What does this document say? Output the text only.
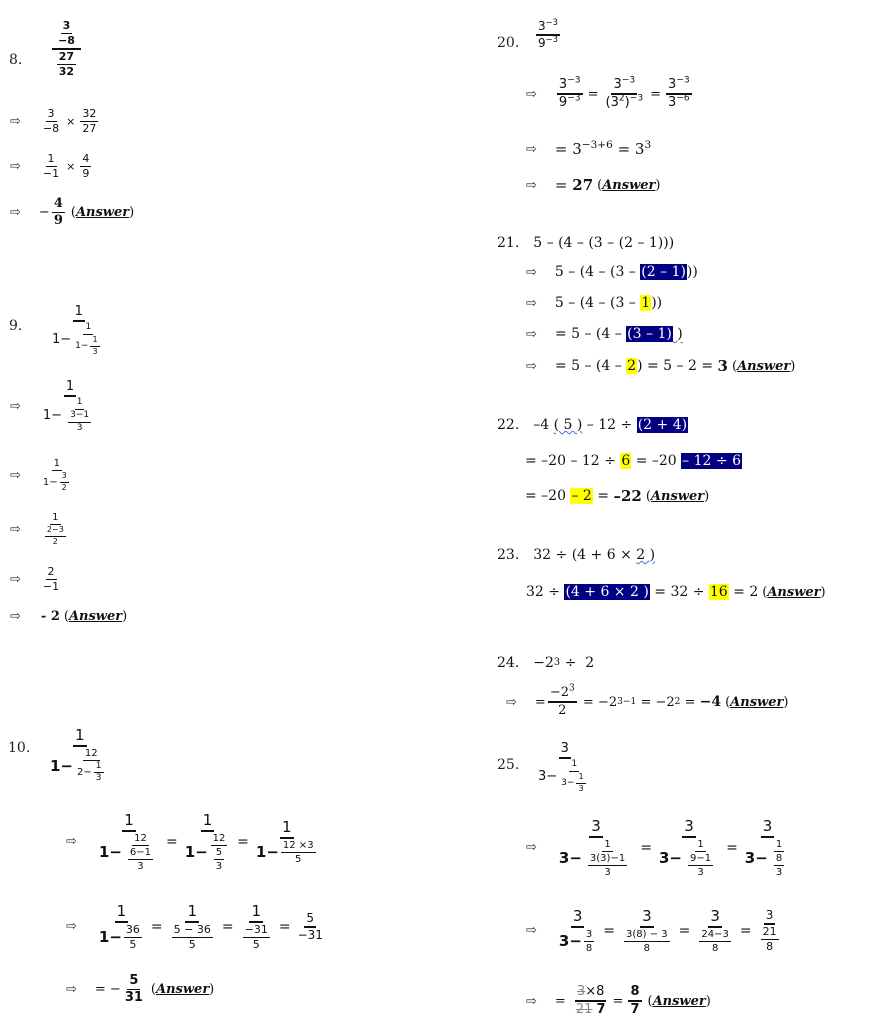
8.	$\frac{\frac{3}{-8}}{\frac{27}{32}}$
⇨ $\frac{3}{-8} \times \frac{32}{27}$
⇨ $\frac{1}{-1} \times \frac{4}{9}$
⇨ − $\frac{4}{9}$ (Answer)
9. $\frac{1}{1- \frac{1}{1- \frac{1}{3}}}$
⇨ $\frac{1}{1- \frac{1}{\frac{3-1}{3}}}$
⇨ $\frac{1}{1- \frac{3}{2}}$
⇨ $\frac{1}{\frac{2-3}{2}}$
⇨ $\frac{2}{-1}$
⇨ - 2 (Answer)
10. $\frac{1}{1- \frac{12}{2- \frac{1}{3}}}$
⇨ $\frac{1}{1- \frac{12}{\frac{6-1}{3}}} = \frac{1}{1- \frac{12}{\frac{5}{3}}} = \frac{1}{1- \frac{12 \times 3}{5}}$
⇨ $\frac{1}{1- \frac{36}{5}} = \frac{1}{\frac{5 - 36}{5}} = \frac{1}{\frac{-31}{5}} = \frac{5}{-31}$
⇨ = − $\frac{5}{31}$ (Answer)
20. $\frac{3^{-3}}{9^{-3}}$
⇨ $\frac{3^{-3}}{9^{-3}} = \frac{3^{-3}}{(3^2)^{-3}} = \frac{3^{-3}}{3^{-6}}$
⇨ = $3^{-3+6} = 3^3$
⇨ = 27 (Answer)
21. 5 – (4 – (3 – (2 – 1)))
⇨ 5 – (4 – (3 – (2 – 1) ))
⇨ 5 – (4 – (3 – 1 ))
⇨ = 5 – (4 – (3 – 1) )
⇨ = 5 – (4 – 2 ) = 5 – 2 = 3 (Answer)
22. –4 ( 5 ) – 12 ÷ (2 + 4)
= –20 – 12 ÷ 6 = –20 – 12 ÷ 6
= –20 – 2 = –22 (Answer)
23. 32 ÷ (4 + 6 × 2 )
32 ÷ (4 + 6 × 2 ) = 32 ÷ 16 = 2 (Answer)
24. −2 3 ÷  2
⇨ = $\frac{-2^3}{2} = -2$ 3−1 = −2 2 = −4 (Answer)
25. $\frac{3}{3- \frac{1}{3- \frac{1}{3}}}$
⇨ $\frac{3}{3- \frac{1}{\frac{3(3)-1}{3}}} = \frac{3}{3- \frac{1}{\frac{9-1}{3}}} = \frac{3}{3- \frac{1}{\frac{8}{3}}}$
⇨ $\frac{3}{3- \frac{3}{8}} = \frac{3}{\frac{3(8) - 3}{8}} = \frac{3}{\frac{24-3}{8}} = \frac{3}{\frac{21}{8}}$
⇨ = $\frac{3\times 8}{21 7} = \frac{8}{7}$ (Answer)
